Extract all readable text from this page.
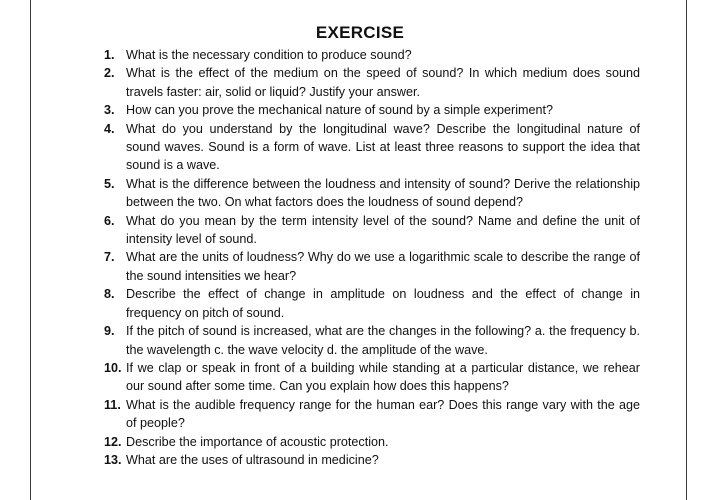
EXERCISE
1. What is the necessary condition to produce sound?
2. What is the effect of the medium on the speed of sound? In which medium does sound travels faster: air, solid or liquid? Justify your answer.
3. How can you prove the mechanical nature of sound by a simple experiment?
4. What do you understand by the longitudinal wave? Describe the longitudinal nature of sound waves. Sound is a form of wave. List at least three reasons to support the idea that sound is a wave.
5. What is the difference between the loudness and intensity of sound? Derive the relationship between the two. On what factors does the loudness of sound depend?
6. What do you mean by the term intensity level of the sound? Name and define the unit of intensity level of sound.
7. What are the units of loudness? Why do we use a logarithmic scale to describe the range of the sound intensities we hear?
8. Describe the effect of change in amplitude on loudness and the effect of change in frequency on pitch of sound.
9. If the pitch of sound is increased, what are the changes in the following? a. the frequency b. the wavelength c. the wave velocity d. the amplitude of the wave.
10. If we clap or speak in front of a building while standing at a particular distance, we rehear our sound after some time. Can you explain how does this happens?
11. What is the audible frequency range for the human ear? Does this range vary with the age of people?
12. Describe the importance of acoustic protection.
13. What are the uses of ultrasound in medicine?
